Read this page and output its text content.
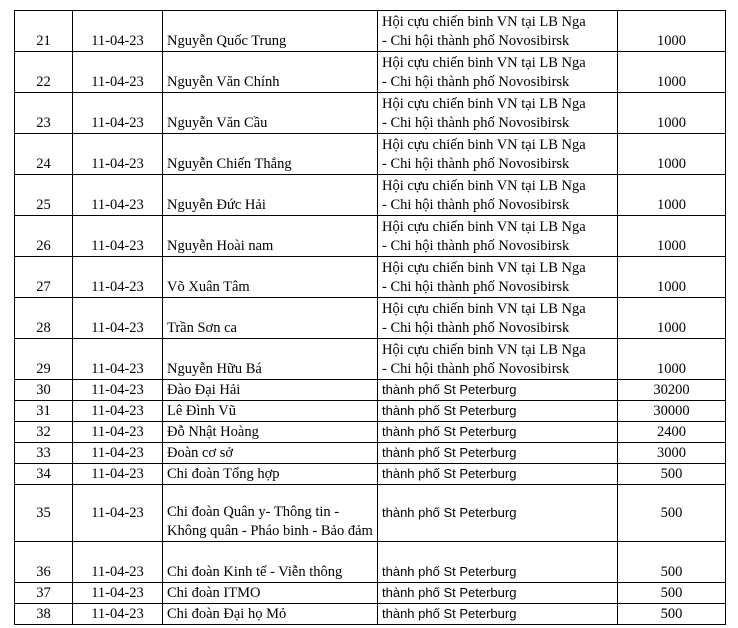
21	11-04-23	Nguyễn Quốc Trung	Hội cựu chiến binh VN tại LB Nga
- Chi hội thành phố Novosibirsk	1000
22	11-04-23	Nguyễn Văn Chính	Hội cựu chiến binh VN tại LB Nga
- Chi hội thành phố Novosibirsk	1000
23	11-04-23	Nguyễn Văn Cầu	Hội cựu chiến binh VN tại LB Nga
- Chi hội thành phố Novosibirsk	1000
24	11-04-23	Nguyễn Chiến Thắng	Hội cựu chiến binh VN tại LB Nga
- Chi hội thành phố Novosibirsk	1000
25	11-04-23	Nguyễn Đức Hải	Hội cựu chiến binh VN tại LB Nga
- Chi hội thành phố Novosibirsk	1000
26	11-04-23	Nguyễn Hoài nam	Hội cựu chiến binh VN tại LB Nga
- Chi hội thành phố Novosibirsk	1000
27	11-04-23	Võ Xuân Tâm	Hội cựu chiến binh VN tại LB Nga
- Chi hội thành phố Novosibirsk	1000
28	11-04-23	Trần Sơn ca	Hội cựu chiến binh VN tại LB Nga
- Chi hội thành phố Novosibirsk	1000
29	11-04-23	Nguyễn Hữu Bá	Hội cựu chiến binh VN tại LB Nga
- Chi hội thành phố Novosibirsk	1000
30	11-04-23	Đào Đại Hải	thành phố St Peterburg	30200
31	11-04-23	Lê Đình Vũ	thành phố St Peterburg	30000
32	11-04-23	Đỗ Nhật Hoàng	thành phố St Peterburg	2400
33	11-04-23	Đoàn cơ sở	thành phố St Peterburg	3000
34	11-04-23	Chi đoàn Tổng hợp	thành phố St Peterburg	500
35	11-04-23	Chi đoàn Quân y- Thông tin - Không quân - Pháo binh - Bảo đảm	thành phố St Peterburg	500
36	11-04-23	Chi đoàn Kinh tế - Viễn thông	thành phố St Peterburg	500
37	11-04-23	Chi đoàn ITMO	thành phố St Peterburg	500
38	11-04-23	Chi đoàn Đại họ Mỏ	thành phố St Peterburg	500
